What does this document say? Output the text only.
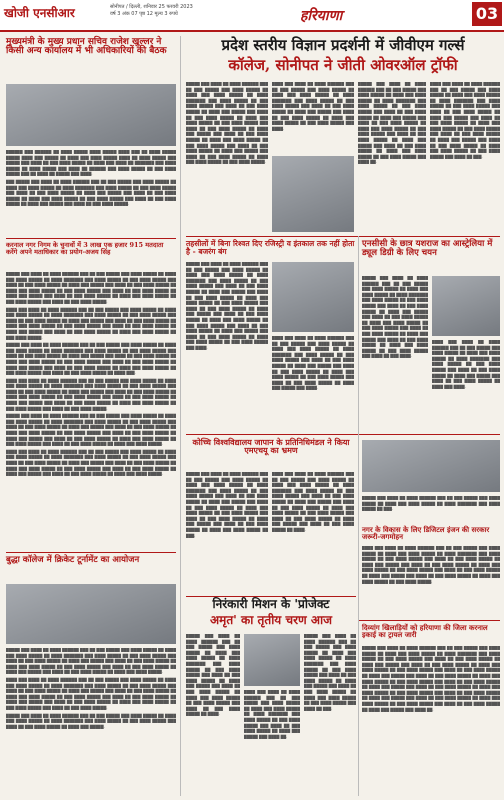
खोजी एनसीआर	सोनीपत / दिल्ली, शनिवार 25 फरवरी 2023
वर्ष 3 अंक 07 पृष्ठ 12 मूल्य 3 रुपये	हरियाणा	03
मुख्यमंत्री के मुख्य प्रधान सचिव राजेश खुल्लर ने किसी अन्य कार्यालय में भी अधिकारियों की बैठक

██████ ███ ██████ ██ ████ █████ ████ █████ ████ ███ ██ ████ █████ █████ ████ ███ █████ ██ ████ ███ ████ █████ ████ ██ ████ █████ ███ █████ ███ ████ ██ ███ ████ █████ ██ ████ ███ ████ ██ ███████ ███ ████ █████ ██ ████ █████ ███ ████ ██ ██████ ███ ████ █████ ██ ███ ████ █████ ███ ██ ████ ██ █████ ███ ████.

███ █████ ███ ████ ██ ████ ██████ ███ ██ ███ █████ ███ ████ █████ ██ ████ ███ ████ █████ ██ ████ ███████ ███ ████ █████ ██ ███ ████ █████ ███ ████ ██ ███ ████ █████ ██ ████ ███ █████ ███ ████ ██ ███ ████ █████ ██ ████ ███ ████ █████ ██ ███ ████ █████ ███ ████ ██ ███ ████ █████ ██ ████ ███ █████ ███ ████ ██ ███ ████ █████.

करनाल नगर निगम के चुनावों में 3 लाख एक हजार 915 मतदाता करेंगे अपने मताधिकार का प्रयोग-अजय सिंह

█████ ███ ████ ██ ████ ██████ ███ ██ ███ █████ ███ ████ █████ ██ ████ ███ ████ █████ ██ ████ ███████ ███ ████ █████ ██ ███ ████ █████ ███ ████ ██ ███ ████ █████ ██ ████ ███ █████ ███ ████ ██ ███ ████ █████ ██ ████ ███ ████ █████ ██ ███ ████ █████ ███ ████ ██ ███ ████ █████ ██ ████ ███ █████ ███ ████ ██ ███ ████ █████ ██ ████ ███ ████ █████ ██ ███ ████ █████ ███ ████ ██ ███ ████ █████.

████ ███ ████ ██ ████ ██████ ███ ██ ███ █████ ███ ████ █████ ██ ████ ███ ████ █████ ██ ████ ███████ ███ ████ █████ ██ ███ ████ █████ ███ ████ ██ ███ ████ █████ ██ ████ ███ █████ ███ ████ ██ ███ ████ █████ ██ ████ ███ ████ █████ ██ ███ ████ █████ ███ ████ ██ ███ ████ █████ ██ ████ ███ █████ ███ ████ ██ ███ ████ █████ ██ ████ ███ ████ █████ ██ ███ ████ █████.

█████ ███ ████ ██ ████ ██████ ███ ██ ███ █████ ███ ████ █████ ██ ████ ███ ████ █████ ██ ████ ███████ ███ ████ █████ ██ ███ ████ █████ ███ ████ ██ ███ ████ █████ ██ ████ ███ █████ ███ ████ ██ ███ ████ █████ ██ ████ ███ ████ █████ ██ ███ ████ █████ ███ ████ ██ ███ ████ █████ ██ ████ ███ █████ ███ ████ ██ ███ ████ █████ ██ ████ ███ ████ █████ ██ ███ ████ █████ ███ ████ ██ ███ ████ █████ ██ ████ ███.

████ ███ ████ ██ ████ ██████ ███ ██ ███ █████ ███ ████ █████ ██ ████ ███ ████ █████ ██ ████ ███████ ███ ████ █████ ██ ███ ████ █████ ███ ████ ██ ███ ████ █████ ██ ████ ███ █████ ███ ████ ██ ███ ████ █████ ██ ████ ███ ████ █████ ██ ███ ████ █████ ███ ████ ██ ███ ████ █████ ██ ████ ███ █████ ███ ████ ██ ███ ████ █████ ██ ████ ███ ████ █████ ██ ███ ████ █████ ███ ████ ██ ███ ████ █████.

█████ ███ ████ ██ ████ ██████ ███ ██ ███ █████ ███ ████ █████ ██ ████ ███ ████ █████ ██ ████ ███████ ███ ████ █████ ██ ███ ████ █████ ███ ████ ██ ███ ████ █████ ██ ████ ███ █████ ███ ████ ██ ███ ████ █████ ██ ████ ███ ████ █████ ██ ███ ████ █████ ███ ████ ██ ███ ████ █████ ██ ████ ███ █████ ███ ████ ██ ███ ████ █████ ██ ████ ███ ████ █████ ██ ███ ████ █████ ███ ████ ██ ███ ████ █████ ██ ████ ███ ████ █████.

████ ███ ████ ██ ████ ██████ ███ ██ ███ █████ ███ ████ █████ ██ ████ ███ ████ █████ ██ ████ ███████ ███ ████ █████ ██ ███ ████ █████ ███ ████ ██ ███ ████ █████ ██ ████ ███ █████ ███ ████ ██ ███ ████ █████ ██ ████ ███ ████ █████ ██ ███ ████ █████ ███ ████ ██ ███ ████ █████ ██ ████ ███ █████ ███ ████ ██ ███ ████ █████ ██ ████ ███ ████ █████.

बुद्धा कॉलेज में क्रिकेट टूर्नामेंट का आयोजन

█████ ███ ████ ██ ████ ██████ ███ ██ ███ █████ ███ ████ █████ ██ ████ ███ ████ █████ ██ ████ ███████ ███ ████ █████ ██ ███ ████ █████ ███ ████ ██ ███ ████ █████ ██ ████ ███ █████ ███ ████ ██ ███ ████ █████ ██ ████ ███ ████ █████ ██ ███ ████ █████ ███ ████ ██ ███ ████ █████ ██ ████ ███ █████ ███ ████ ██ ███ ████ █████ ██ ████ ███ ████ █████.

████ ███ ████ ██ ████ ██████ ███ ██ ███ █████ ███ ████ █████ ██ ████ ███ ████ █████ ██ ████ ███████ ███ ████ █████ ██ ███ ████ █████ ███ ████ ██ ███ ████ █████ ██ ████ ███ █████ ███ ████ ██ ███ ████ █████ ██ ████ ███ ████ █████ ██ ███ ████ █████ ███ ████ ██ ███ ████ █████ ██ ████ ███ █████ ███ ████ ██ ███ ████ █████ ██ ████ ███ ████ █████ ██ ███ ████ █████ ███ ████ ██ ███ ████ █████.

█████ ███ ████ ██ ████ ██████ ███ ██ ███ █████ ███ ████ █████ ██ ████ ███ ████ █████ ██ ████ ███████ ███ ████ █████ ██ ███ ████ █████ ███ ████ ██ ███ ████ █████ ██ ████ ███ █████.

प्रदेश स्तरीय विज्ञान प्रदर्शनी में जीवीएम गर्ल्स
कॉलेज, सोनीपत ने जीती ओवरऑल ट्रॉफी

█████ ███ ████ ██ ████ ██████ ███ ██ ███ █████ ███ ████ █████ ██ ████ ███ ████ █████ ██ ████ ███████ ███ ████ █████ ██ ███ ████ █████ ███ ████ ██ ███ ████ █████ ██ ████ ███ █████ ███ ████ ██ ███ ████ █████ ██ ████ ███ ████ █████ ██ ███ ████ █████ ███ ████ ██ ███ ████ █████ ██ ████ ███ █████ ███ ████ ██ ███ ████ █████ ██ ████ ███ ████ █████ ██ ███ ████ █████ ███ ████ ██ ███ ████ █████ ██ ████ ███ █████ ███ ████ ██ ███ ████ █████ ██ ████ ███ ████ █████ ██ ███ ████ █████.

████ ███ ████ ██ ████ ██████ ███ ██ ███ █████ ███ ████ █████ ██ ████ ███ ████ █████ ██ ████ ███████ ███ ████ █████ ██ ███ ████ █████ ███ ████ ██ ███ ████ █████ ██ ████ ███ █████ ███ ████ ██ ███ ████ █████ ██ ████ ███ ████ █████ ██ ███ ████ █████ ███ ████.

█████ ███ ████ ██ ████ ██████ ███ ██ ███ █████ ███ ████ █████ ██ ████ ███ ████ █████ ██ ████ ███████ ███ ████ █████ ██ ███ ████ █████ ███ ████ ██ ███ ████ █████ ██ ████ ███ █████ ███ ████ ██ ███ ████ █████ ██ ████ ███ ████ █████ ██ ███ ████ █████ ███ ████ ██ ███ ████ █████ ██ ████ ███ █████ ███ ████ ██ ███ ████ █████ ██ ████ ███ ████ █████ ██ ███ ████ █████ ███ ████ ██.

████ ███ ████ ██ ████ ██████ ███ ██ ███ █████ ███ ████ █████ ██ ████ ███ ████ █████ ██ ████ ███████ ███ ████ █████ ██ ███ ████ █████ ███ ████ ██ ███ ████ █████ ██ ████ ███ █████ ███ ████ ██ ███ ████ █████ ██ ████ ███ ████ █████ ██ ███ ████ █████ ███ ████ ██ ███ ████ █████ ██ ████ ███ █████ ███ ████ ██ ███ ████ █████ ██ ████ ███ ████ █████ ██ ███ ████ █████ ███ ████ ██ ███.

तहसीलों में बिना रिश्वत दिए रजिस्ट्री व इंतकाल तक नहीं होता है - बजरंग बंग

█████ ███ ████ ██ ████ ██████ ███ ██ ███ █████ ███ ████ █████ ██ ████ ███ ████ █████ ██ ████ ███████ ███ ████ █████ ██ ███ ████ █████ ███ ████ ██ ███ ████ █████ ██ ████ ███ █████ ███ ████ ██ ███ ████ █████ ██ ████ ███ ████ █████ ██ ███ ████ █████ ███ ████ ██ ███ ████ █████ ██ ████ ███ █████ ███ ████ ██ ███ ████ █████ ██ ████ ███ ████ █████ ██ ███ ████ █████ ███ ████ ██ ███ ████ █████ ██ ████ ███ █████ ███ ████ ██ ███ ████ █████ ██ ████ ███ ████ █████ ██ ███ ████ █████ ███ ████.

████ ███ ████ ██ ████ ██████ ███ ██ ███ █████ ███ ████ █████ ██ ████ ███ ████ █████ ██ ████ ███████ ███ ████ █████ ██ ███ ████ █████ ███ ████ ██ ███ ████ █████ ██ ████ ███ █████ ███ ████ ██ ███ ████ █████ ██ ████ ███ ████ █████ ██ ███ ████ █████ ███ ████ ██ ███ ████ █████ ██ ████ ███ █████ ███ ████.

एनसीसी के छात्र यशराज का आस्ट्रेलिया में ड्यूल डिग्री के लिए चयन

█████ ███ ████ ██ ████ ██████ ███ ██ ███ █████ ███ ████ █████ ██ ████ ███ ████ █████ ██ ████ ███████ ███ ████ █████ ██ ███ ████ █████ ███ ████ ██ ███ ████ █████ ██ ████ ███ █████ ███ ████ ██ ███ ████ █████ ██ ████ ███ ████ █████ ██ ███ ████ █████ ███ ████ ██ ███ ████ █████ ██ ████ ███ █████ ███ ████ ██ ███ ████ █████ ██ ████ ███ ████ █████ ██ ███ ████ █████ ███ ████ ██ ███ ████.

████ ███ ████ ██ ████ ██████ ███ ██ ███ █████ ███ ████ █████ ██ ████ ███ ████ █████ ██ ████ ███████ ███ ████ █████ ██ ███ ████ █████ ███ ████ ██ ███ ████ █████ ██ ████ ███ █████ ███ ████ ██ ███ ████ █████ ██ ████ ███ ████.

कोच्चि विश्वविद्यालय जापान के प्रतिनिधिमंडल ने किया एमएचयू का भ्रमण

█████ ███ ████ ██ ████ ██████ ███ ██ ███ █████ ███ ████ █████ ██ ████ ███ ████ █████ ██ ████ ███████ ███ ████ █████ ██ ███ ████ █████ ███ ████ ██ ███ ████ █████ ██ ████ ███ █████ ███ ████ ██ ███ ████ █████ ██ ████ ███ ████ █████ ██ ███ ████ █████ ███ ████ ██ ███ ████ █████ ██ ████ ███ █████ ███ ████ ██ ███ ████ █████ ██ ████ ███ ████ █████ ██ ███.

████ ███ ████ ██ ████ ██████ ███ ██ ███ █████ ███ ████ █████ ██ ████ ███ ████ █████ ██ ████ ███████ ███ ████ █████ ██ ███ ████ █████ ███ ████ ██ ███ ████ █████ ██ ████ ███ █████ ███ ████ ██ ███ ████ █████ ██ ████ ███ ████ █████ ██ ███ ████ █████ ███ ████ ██ ███ ████ █████ ██ ████ ███ █████ ███ ████ ██ ███ ████ █████ ██ ████.

█████ ███ ████ ██ ████ ██████ ███ ██ ███ █████ ███ ████ █████ ██ ████ ███ ████ █████ ██ ████ ███████ ███ ████ █████ ██ ███.

नगर के विकास के लिए डिजिटल इंजन की सरकार जरूरी-जगमोहन

████ ███ ████ ██ ████ ██████ ███ ██ ███ █████ ███ ████ █████ ██ ████ ███ ████ █████ ██ ████ ███████ ███ ████ █████ ██ ███ ████ █████ ███ ████ ██ ███ ████ █████ ██ ████ ███ █████ ███ ████ ██ ███ ████ █████ ██ ████ ███ ████ █████ ██ ███ ████ █████ ███ ████ ██ ███ ████ █████ ██ ████ ███ █████ ███ ████ ██ ███ ████ █████ ██ ████ ███ ████ █████ ██ ███ ████ █████.

निरंकारी मिशन के 'प्रोजेक्ट
अमृत' का तृतीय चरण आज

█████ ███ ████ ██ ████ ██████ ███ ██ ███ █████ ███ ████ █████ ██ ████ ███ ████ █████ ██ ████ ███████ ███ ████ █████ ██ ███ ████ █████ ███ ████ ██ ███ ████ █████ ██ ████ ███ █████ ███ ████ ██ ███ ████ █████ ██ ████ ███ ████ █████ ██ ███ ████ █████ ███ ████ ██ ███ ████ █████ ██ ████.

████ ███ ████ ██ ████ ██████ ███ ██ ███ █████ ███ ████ █████ ██ ████ ███ ████ █████ ██ ████ ███████ ███ ████ █████ ██ ███ ████ █████ ███ ████ ██ ███ ████ █████ ██ ████ ███ █████ ███ ████ ██.

█████ ███ ████ ██ ████ ██████ ███ ██ ███ █████ ███ ████ █████ ██ ████ ███ ████ █████ ██ ████ ███████ ███ ████ █████ ██ ███ ████ █████ ███ ████ ██ ███ ████ █████ ██ ████ ███ █████ ███ ████ ██ ███ ████ █████ ██ ████ ███ ████ █████ ██ ███ ████ █████ ███ ████ ██ ███.

दिव्यांग खिलाड़ियों को हरियाणा की जिला करनाल इकाई का ट्रायल जारी

█████ ███ ████ ██ ████ ██████ ███ ██ ███ █████ ███ ████ █████ ██ ████ ███ ████ █████ ██ ████ ███████ ███ ████ █████ ██ ███ ████ █████ ███ ████ ██ ███ ████ █████ ██ ████ ███ █████ ███ ████ ██ ███ ████ █████ ██ ████ ███ ████ █████ ██ ███ ████ █████ ███ ████ ██ ███ ████ █████ ██ ████ ███ █████ ███ ████ ██ ███ ████ █████ ██ ████ ███ ████ █████ ██ ███ ████ █████ ███ ████ ██ ███ ████ █████ ██ ████ ███ █████ ███ ████ ██ ███ ████ █████ ██ ████ ███ ████ █████ ██ ███ ████ █████ ███ ████ ██ ███ ████ █████ ██ ████ ███ █████ ███ ████ ██ ███ ████ █████ ██ ████ ███ ████ █████ ██ ███ ████ █████ ███ ████ ██ ███ ████ █████ ██ ████ ███ █████ ███ ████ ██.
